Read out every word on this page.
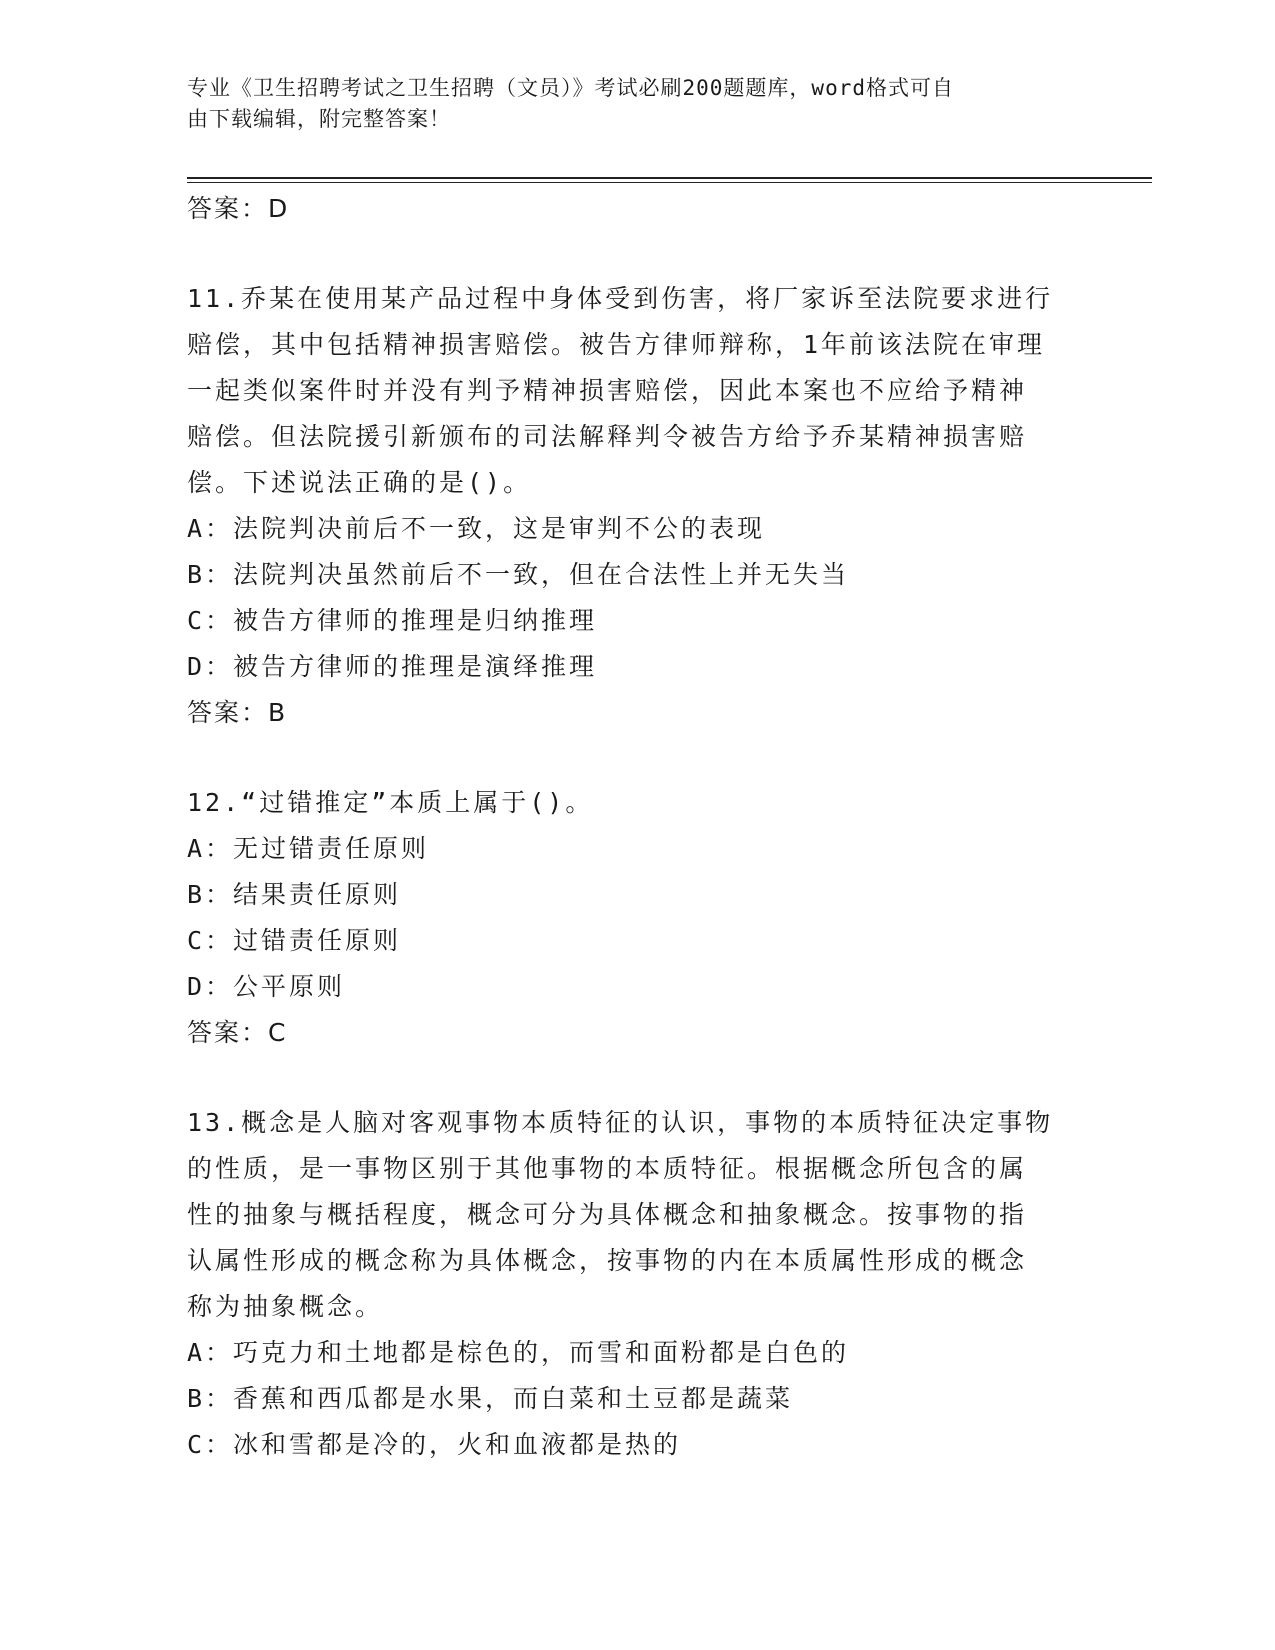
专业《卫生招聘考试之卫生招聘（文员）》考试必刷200题题库，word格式可自
由下载编辑，附完整答案！
答案：D
11.乔某在使用某产品过程中身体受到伤害，将厂家诉至法院要求进行
赔偿，其中包括精神损害赔偿。被告方律师辩称，1年前该法院在审理
一起类似案件时并没有判予精神损害赔偿，因此本案也不应给予精神
赔偿。但法院援引新颁布的司法解释判令被告方给予乔某精神损害赔
偿。下述说法正确的是()。
A：法院判决前后不一致，这是审判不公的表现
B：法院判决虽然前后不一致，但在合法性上并无失当
C：被告方律师的推理是归纳推理
D：被告方律师的推理是演绎推理
答案：B
12.“过错推定”本质上属于()。
A：无过错责任原则
B：结果责任原则
C：过错责任原则
D：公平原则
答案：C
13.概念是人脑对客观事物本质特征的认识，事物的本质特征决定事物
的性质，是一事物区别于其他事物的本质特征。根据概念所包含的属
性的抽象与概括程度，概念可分为具体概念和抽象概念。按事物的指
认属性形成的概念称为具体概念，按事物的内在本质属性形成的概念
称为抽象概念。
A：巧克力和土地都是棕色的，而雪和面粉都是白色的
B：香蕉和西瓜都是水果，而白菜和土豆都是蔬菜
C：冰和雪都是冷的，火和血液都是热的
